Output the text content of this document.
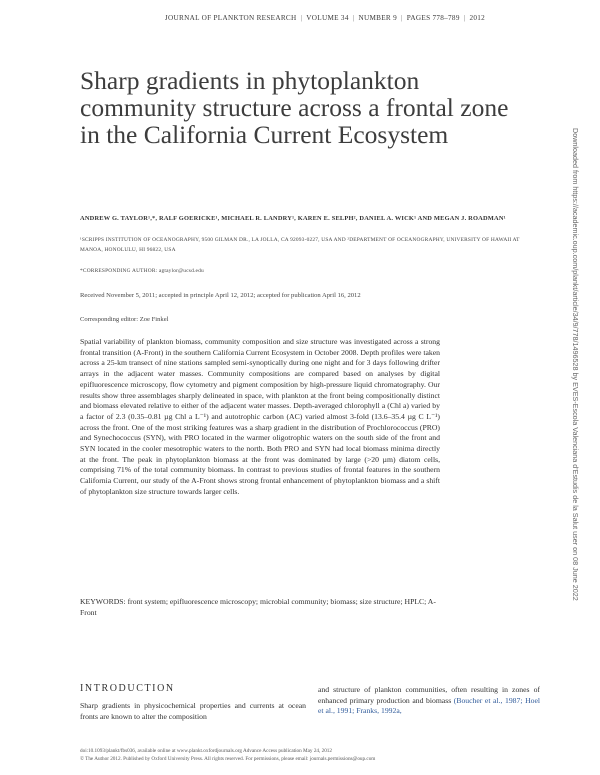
JOURNAL OF PLANKTON RESEARCH | VOLUME 34 | NUMBER 9 | PAGES 778–789 | 2012
Sharp gradients in phytoplankton community structure across a frontal zone in the California Current Ecosystem
ANDREW G. TAYLOR¹,*, RALF GOERICKE¹, MICHAEL R. LANDRY¹, KAREN E. SELPH², DANIEL A. WICK¹ AND MEGAN J. ROADMAN¹
¹SCRIPPS INSTITUTION OF OCEANOGRAPHY, 9500 GILMAN DR., LA JOLLA, CA 92093-0227, USA AND ²DEPARTMENT OF OCEANOGRAPHY, UNIVERSITY OF HAWAII AT MANOA, HONOLULU, HI 96822, USA
*CORRESPONDING AUTHOR: agtaylor@ucsd.edu
Received November 5, 2011; accepted in principle April 12, 2012; accepted for publication April 16, 2012
Corresponding editor: Zoe Finkel

Spatial variability of plankton biomass, community composition and size structure was investigated across a strong frontal transition (A-Front) in the southern California Current Ecosystem in October 2008. Depth profiles were taken across a 25-km transect of nine stations sampled semi-synoptically during one night and for 3 days following drifter arrays in the adjacent water masses. Community compositions are compared based on analyses by digital epifluorescence microscopy, flow cytometry and pigment composition by high-pressure liquid chromatography. Our results show three assemblages sharply delineated in space, with plankton at the front being compositionally distinct and biomass elevated relative to either of the adjacent water masses. Depth-averaged chlorophyll a (Chl a) varied by a factor of 2.3 (0.35–0.81 µg Chl a L⁻¹) and autotrophic carbon (AC) varied almost 3-fold (13.6–35.4 µg C L⁻¹) across the front. One of the most striking features was a sharp gradient in the distribution of Prochlorococcus (PRO) and Synechococcus (SYN), with PRO located in the warmer oligotrophic waters on the south side of the front and SYN located in the cooler mesotrophic waters to the north. Both PRO and SYN had local biomass minima directly at the front. The peak in phytoplankton biomass at the front was dominated by large (>20 µm) diatom cells, comprising 71% of the total community biomass. In contrast to previous studies of frontal features in the southern California Current, our study of the A-Front shows strong frontal enhancement of phytoplankton biomass and a shift of phytoplankton size structure towards larger cells.

KEYWORDS: front system; epifluorescence microscopy; microbial community; biomass; size structure; HPLC; A-Front
INTRODUCTION

Sharp gradients in physicochemical properties and currents at ocean fronts are known to alter the composition

and structure of plankton communities, often resulting in zones of enhanced primary production and biomass (Boucher et al., 1987; Hoel et al., 1991; Franks, 1992a,

doi:10.1093/plankt/fbs036, available online at www.plankt.oxfordjournals.org Advance Access publication May 24, 2012
© The Author 2012. Published by Oxford University Press. All rights reserved. For permissions, please email: journals.permissions@oup.com
Downloaded from https://academic.oup.com/plankt/article/34/9/778/1496528 by EVES-Escola Valenciana d'Estudis de la Salut user on 08 June 2022
